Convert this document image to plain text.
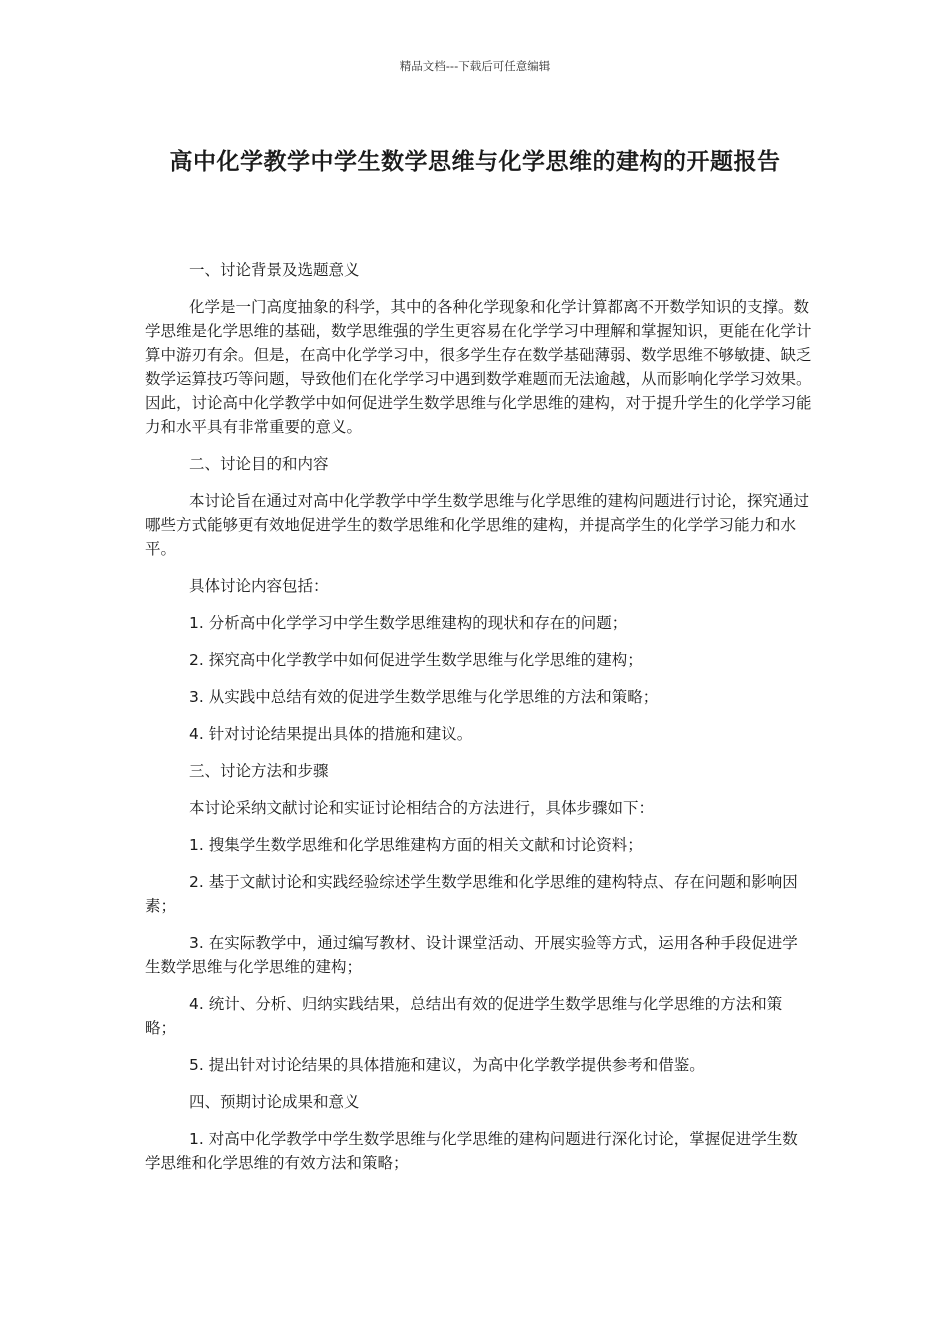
精品文档---下载后可任意编辑
高中化学教学中学生数学思维与化学思维的建构的开题报告

一、讨论背景及选题意义

化学是一门高度抽象的科学，其中的各种化学现象和化学计算都离不开数学知识的支撑。数学思维是化学思维的基础，数学思维强的学生更容易在化学学习中理解和掌握知识，更能在化学计算中游刃有余。但是，在高中化学学习中，很多学生存在数学基础薄弱、数学思维不够敏捷、缺乏数学运算技巧等问题，导致他们在化学学习中遇到数学难题而无法逾越，从而影响化学学习效果。因此，讨论高中化学教学中如何促进学生数学思维与化学思维的建构，对于提升学生的化学学习能力和水平具有非常重要的意义。

二、讨论目的和内容

本讨论旨在通过对高中化学教学中学生数学思维与化学思维的建构问题进行讨论，探究通过哪些方式能够更有效地促进学生的数学思维和化学思维的建构，并提高学生的化学学习能力和水平。

具体讨论内容包括：

1. 分析高中化学学习中学生数学思维建构的现状和存在的问题；

2. 探究高中化学教学中如何促进学生数学思维与化学思维的建构；

3. 从实践中总结有效的促进学生数学思维与化学思维的方法和策略；

4. 针对讨论结果提出具体的措施和建议。

三、讨论方法和步骤

本讨论采纳文献讨论和实证讨论相结合的方法进行，具体步骤如下：

1. 搜集学生数学思维和化学思维建构方面的相关文献和讨论资料；

2. 基于文献讨论和实践经验综述学生数学思维和化学思维的建构特点、存在问题和影响因素；

3. 在实际教学中，通过编写教材、设计课堂活动、开展实验等方式，运用各种手段促进学生数学思维与化学思维的建构；

4. 统计、分析、归纳实践结果，总结出有效的促进学生数学思维与化学思维的方法和策略；

5. 提出针对讨论结果的具体措施和建议，为高中化学教学提供参考和借鉴。

四、预期讨论成果和意义

1. 对高中化学教学中学生数学思维与化学思维的建构问题进行深化讨论，掌握促进学生数学思维和化学思维的有效方法和策略；
